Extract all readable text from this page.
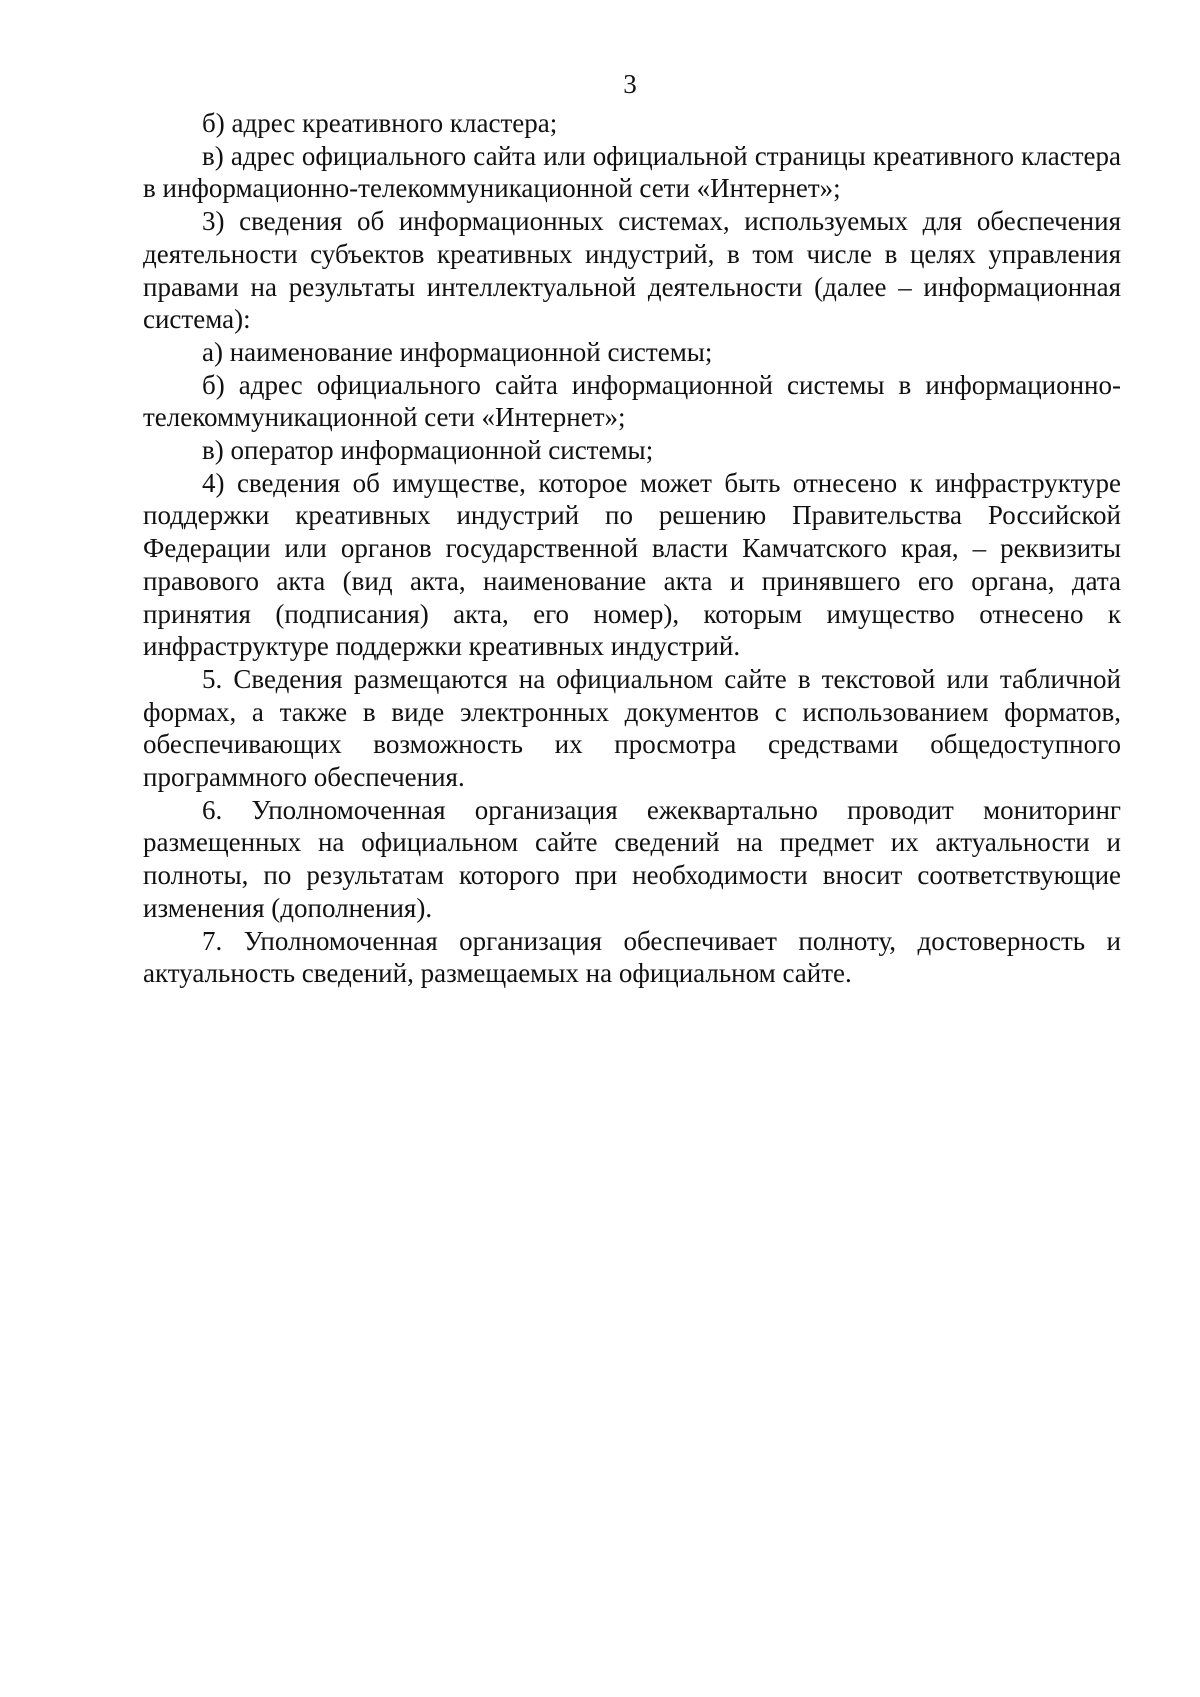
3

б) адрес креативного кластера;

в) адрес официального сайта или официальной страницы креативного кластера в информационно-телекоммуникационной сети «Интернет»;

3) сведения об информационных системах, используемых для обеспечения деятельности субъектов креативных индустрий, в том числе в целях управления правами на результаты интеллектуальной деятельности (далее – информационная система):

а) наименование информационной системы;

б) адрес официального сайта информационной системы в информационно-телекоммуникационной сети «Интернет»;

в) оператор информационной системы;

4) сведения об имуществе, которое может быть отнесено к инфраструктуре поддержки креативных индустрий по решению Правительства Российской Федерации или органов государственной власти Камчатского края, – реквизиты правового акта (вид акта, наименование акта и принявшего его органа, дата принятия (подписания) акта, его номер), которым имущество отнесено к инфраструктуре поддержки креативных индустрий.

5. Сведения размещаются на официальном сайте в текстовой или табличной формах, а также в виде электронных документов с использованием форматов, обеспечивающих возможность их просмотра средствами общедоступного программного обеспечения.

6. Уполномоченная организация ежеквартально проводит мониторинг размещенных на официальном сайте сведений на предмет их актуальности и полноты, по результатам которого при необходимости вносит соответствующие изменения (дополнения).

7. Уполномоченная организация обеспечивает полноту, достоверность и актуальность сведений, размещаемых на официальном сайте.
